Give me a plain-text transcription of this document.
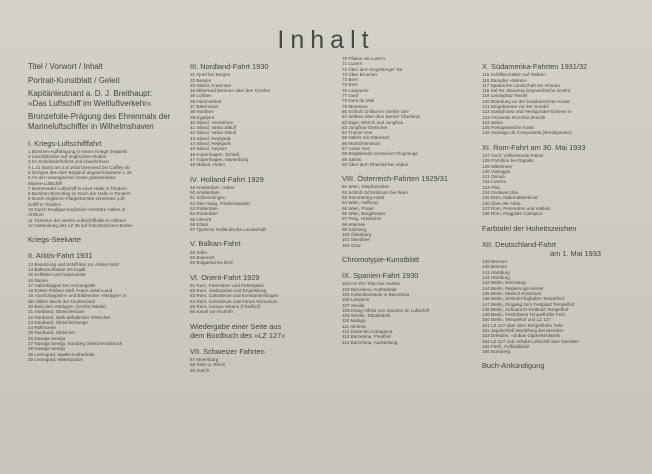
Inhalt
Titel / Vorwort / Inhalt
Portrait-Kunstblatt / Geleit
Kapitänleutnant a. D. J. Breithaupt:
»Das Luftschiff im Weltluftverkehr«
Bronzefolie-Prägung des Ehrenmals der
Marineluftschiffer in Wilhelmshaven
I. Kriegs-Luftschifffahrt
1 Bomben-Aufhängung in einem Kriegs-Zeppelin
2 Leuchtbombe auf englischem Boden
3 Im Scheinwerferlicht und Abwehrfeuer
4 L 21 stürzt am 3.9.1916 brennend bei Cuffley ab
5 Gerippe des über England abgeschossenen L 33
6 An der norwegischen Küste gestrandetes
Marine-Luftschiff
7 Brennendes Luftschiff in einer Halle in Tondern
8 Bomben-Einschlag im Dach der Halle in Tondern
9 Durch englische Fliegerbombe zerstörtes Luft-
schiff in Tondern
10 Durch Knallgas-Explosion zerstörte Hallen in
Ahlhorn
11 Trümmer der vierten Luftschiffhalle in Ahlhorn
12 Notlandung des LZ 49 auf französischem Boden
Kriegs-Seekarte
II. Arktis-Fahrt 1931
13 Besatzung und Schiff klar zur Arktis-Fahrt
14 Ballonschleuse mit Kajak
15 Schlitten und Notproviant
16 Narwa
17 Hafenklapper bei Archangelsk
18 Erstes Treiben südl. Franz-Josef-Land
19 »Graf Zeppelin« und Eisbrecher »Malygin« in
der Stillen Bucht der Hookerinsel
20 Boot des »Malygin« (rechts Nobile)
21 Nordland, Gletscherrase
22 Nordland, stark abfallender Gletscher
23 Nordland, Gletscherzunge
24 Rollmöven
25 Nordland, Gletscher
26 Nowaja Semlja
27 Nowaja Semlja, Karabeg Gletscherabbruch
28 Nowaja Semlja
29 Leningrad, Isaaks-Kathedrale
30 Leningrad, Winterpalais
III. Nordland-Fahrt 1930
31 Fjord bei Bergen
32 Bergen
33 Island, Kratersee
34 Mitternachtssonne über den Fjorden
35 Lofoten
36 Hammerfest
37 Bäreninsel
38 Nordsee
39 Eyjafjord
40 Island, Vestrahorn
41 Island, Vatna Jökull
42 Island, Vatna Jökull
43 Island, Reykjavik
44 Island, Reykjavik
45 Island, Geysire
46 Kopenhagen, Schloß
47 Kopenhagen, Marienburg
48 Malmö, Hafen
IV. Holland-Fahrt 1929
49 Amsterdam, Hafen
50 Amsterdam
51 Scheveningen
52 Den Haag, Friedenspalast
53 Rotterdam
54 Rotterdam
55 Utrecht
56 Edam
57 Typische Holländische Landschaft
V. Balkan-Fahrt
58 Sofia
59 Bukarest
60 Bulgarisches Dorf
VI. Orient-Fahrt 1929
61 Rom, Petersdom und Petersplatz
62 Rom, Justizpalast und Engelsburg
63 Rom, Colosseum und Konstantinsbogen
64 Rom, Colosseum und Forum Romanum
65 Rom, Campo Verano (Friedhof)
66 Kanal von Korinth
Wiedergabe einer Seite aus
dem Bordbuch des »LZ 127«
VII. Schweizer Fahrten
67 Meersburg
68 Stein a. Rhein
69 Zürich
70 Pilatus mit Luzern
71 Luzern
72 Über dem Engelberger Tal
73 Über Brunnen
74 Bern
75 Bern
76 Lausanne
77 Genf
78 Dent du Midi
79 Montreux
80 Schloß Chillon im Genfer See
81 Wolken über dem Berner Oberland
82 Eiger, Mönch und Jungfrau
83 Jungfrau-Gletscher
84 Thuner See
85 Näfels mit Glärnisch
86 Mürtschenstock
87 Unser See
88 Begleitende Schweizer Flugzeuge
89 Säntis
90 Über dem Rheintal bei Vaduz
VIII. Österreich-Fahrten 1929/31
91 Wien, Stephansdom
92 Schloß Schönbrunn bei Wien
93 Semmering-Hotel
94 Wien, Hofburg
95 Wien, Prater
96 Wien, Burgtheater
97 Prag, Hradschin
98 Attersee
99 Salzburg
100 Ödenburg
101 Mondsee
102 Graz
Chromotypie-Kunstblatt
IX. Spanien-Fahrt 1930
103 Am Rio Tinto bei Huelva
104 Barcelona, Kathedrale
105 Kolumbussäule in Barcelona
106 Lissabon
107 Sevilla
108 König Alfons von Spanien im Luftschiff
109 Sevilla, Tabakfabrik
110 Malaga
111 Almeria
112 Küste bei Cartagena
113 Barcelona, Friedhof
114 Barcelona, Ausstellung
X. Südamerika-Fahrten 1931/32
115 Schiffsschatten auf Wolken
116 Dampfer »Monte«
117 Spanische Landschaft bei Almeria
118 Sal Re, Boavista (Kapverdische Inseln)
119 Landeplatz Recife
120 Brandung an der brasilianischen Küste
121 Eingeborene vor der Gondel
122 Sumpfmast und Heckgondel-Schiene in
123 Fernando Noronha (Recife
124 Bahia
125 Portugiesische Küste
126 Santiago de Compostela (Nordspanien)
XI. Rom-Fahrt am 30. Mai 1933
127 Genf, Völkerbunds-Palast
128 Portofino bei Rapallo
129 Mittelmeer
130 Viareggio
131 Genua
132 Livorno
133 Pisa
134 Civitavecchia
135 Rom, Nationaldenkmal
136 Über der Adria
137 Rom, Petersdom und Vatikan
138 Rom, Flugplatz Ciampino
Farbtafel der Hoheitszeichen
XII. Deutschland-Fahrt
am 1. Mai 1933
139 Bremen
140 Bremen
141 Hamburg
142 Hamburg
143 Berlin, Reichstag
144 Berlin, Regierungs-Viertel
145 Berlin, Marsch-Kolonnen
146 Berlin, Zentral-Flughafen Tempelhof
147 Berlin, Eingang zum Festplatz Tempelhof
148 Berlin, Aufmarsch-Gelände Tempelhof
149 Berlin, Festtribüne Tempelhofer Feld
150 Berlin, Tempelhof und LZ 127
151 LZ 127 über dem Tempelhofer Feld
152 Jagdschloß Moritzburg bei Dresden
153 Dresden, »Zuban-Zigarettenfabrik
154 LZ 127 und »Clubs-Luftschiff über Dresden
155 Fürth, Fußballplatz
156 Nürnberg
Buch-Ankündigung
